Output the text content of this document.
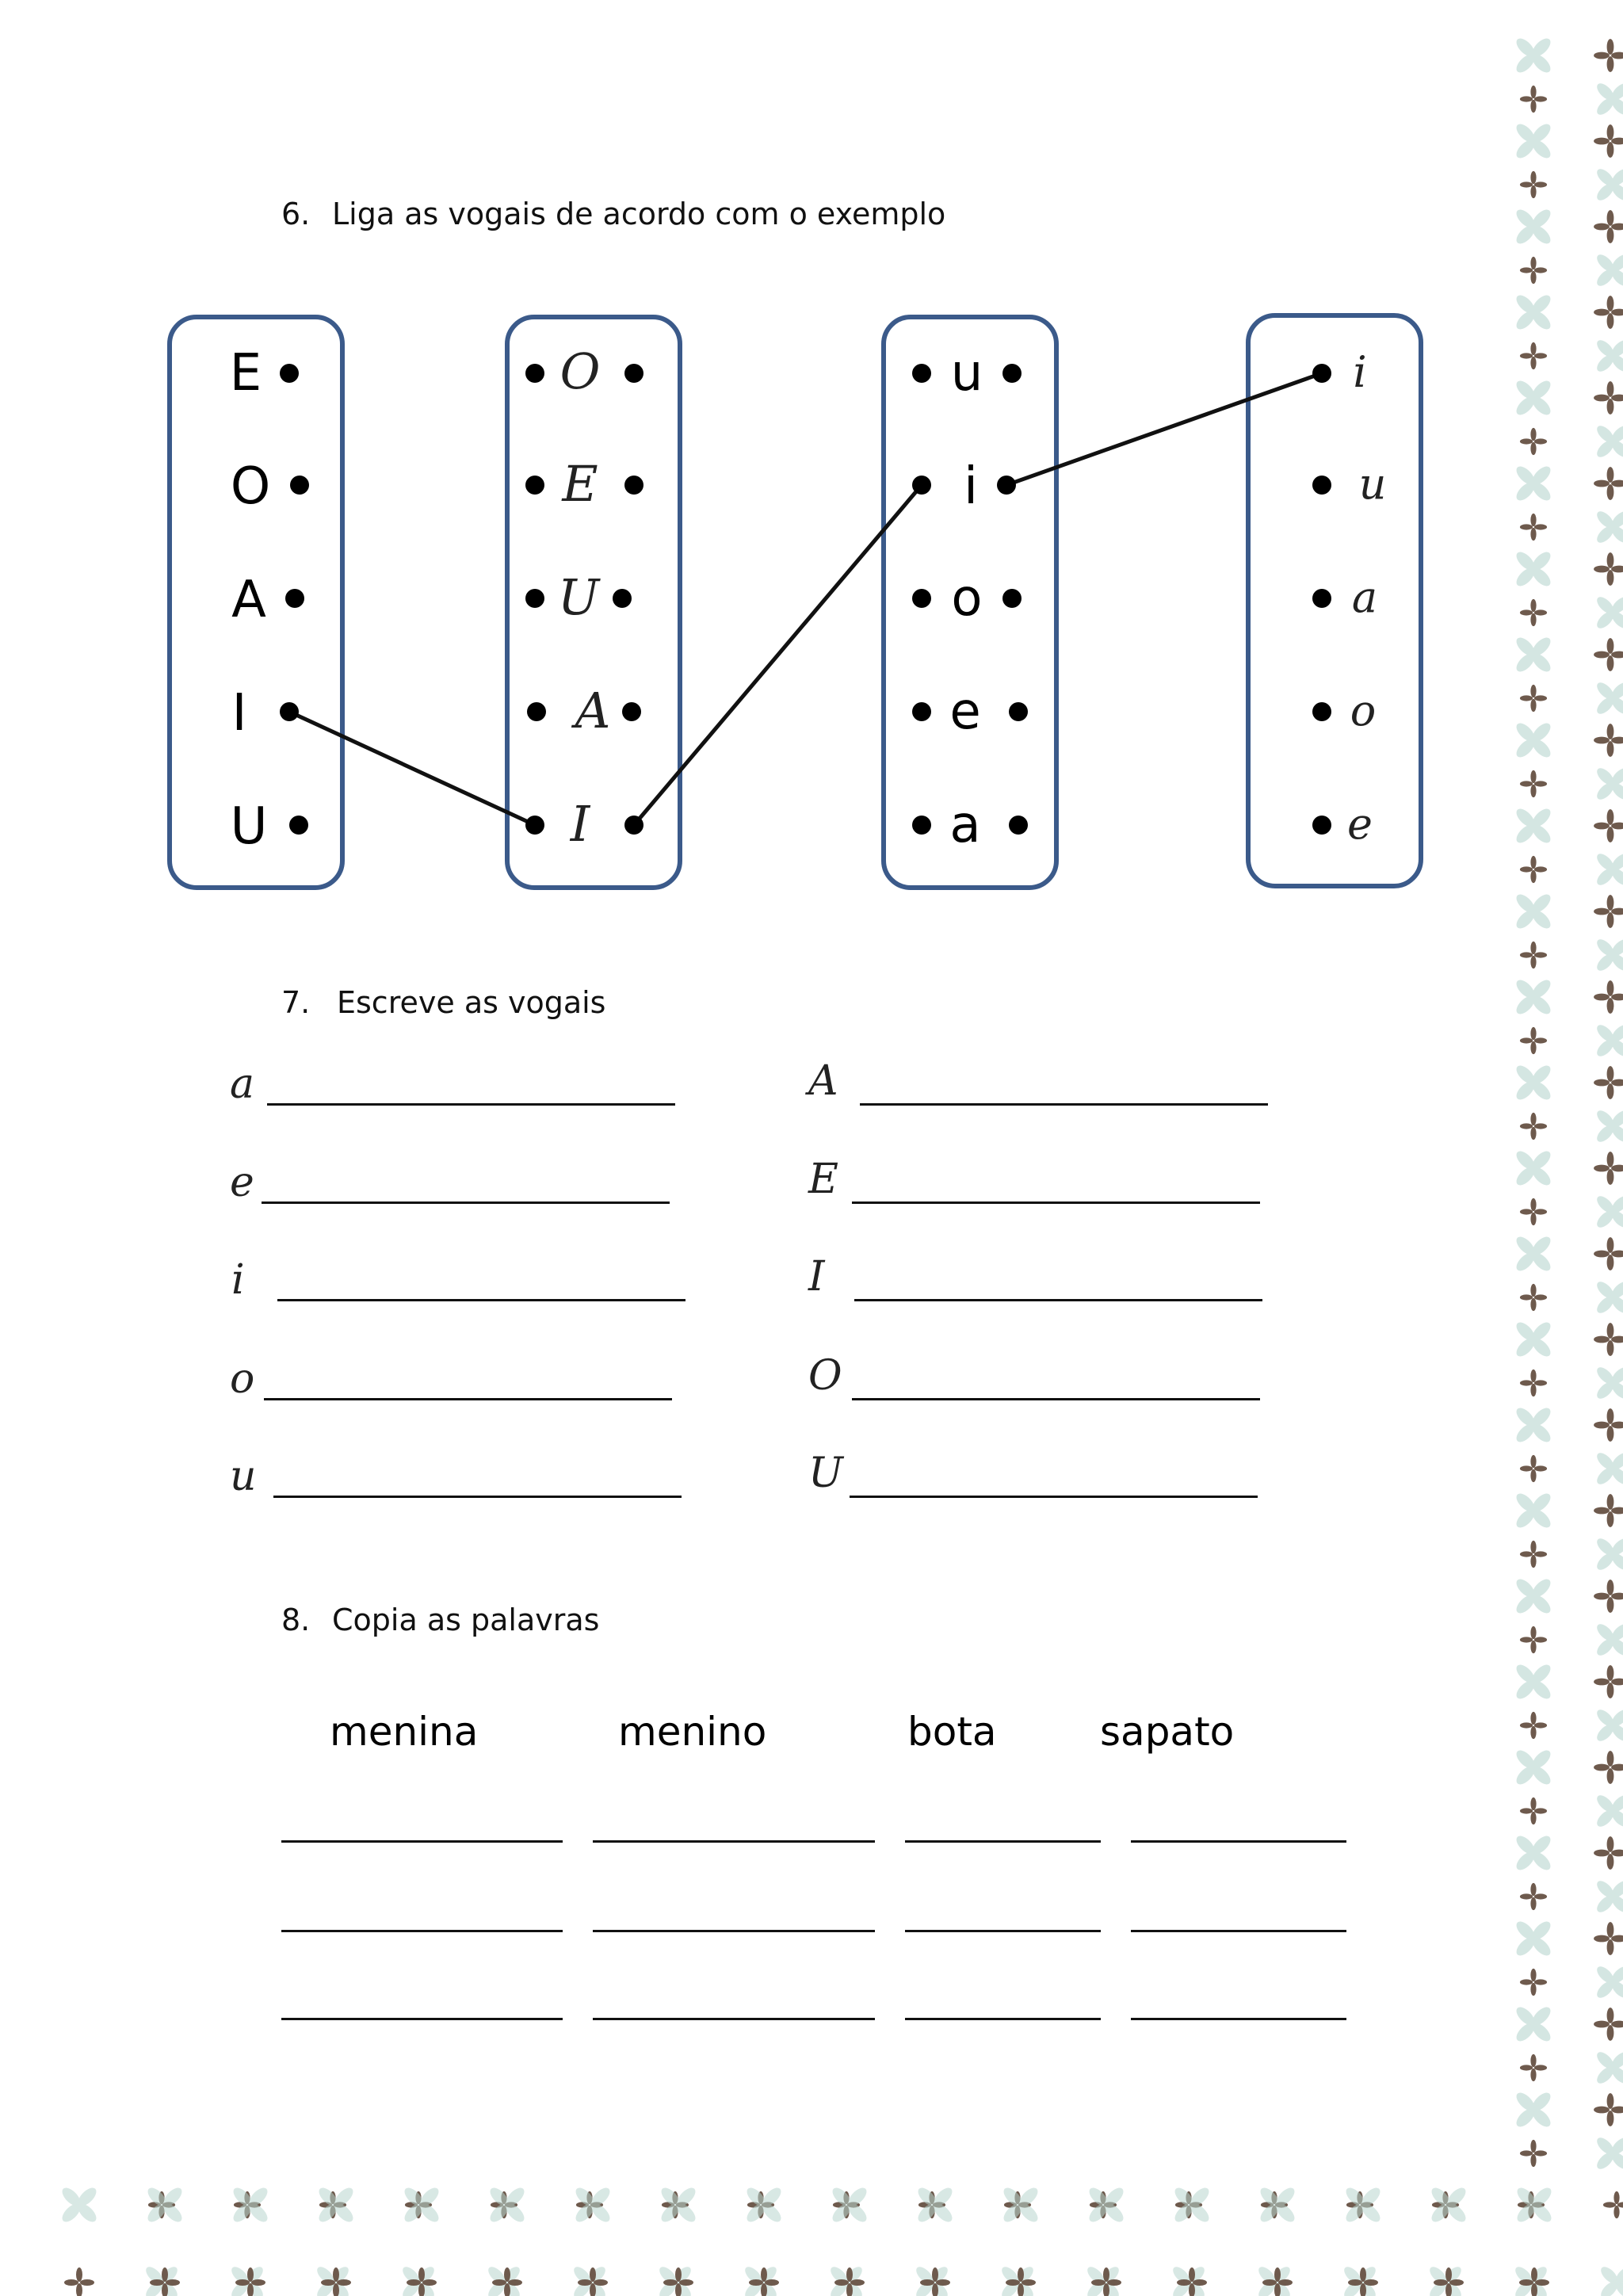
6. Liga as vogais de acordo com o exemplo
E
O
A
I
U
O
E
U
A
I
u
i
o
e
a
i
u
a
o
e
7. Escreve as vogais
a
e
i
o
u
A
E
I
O
U
8. Copia as palavras
menina	menino	bota	sapato
